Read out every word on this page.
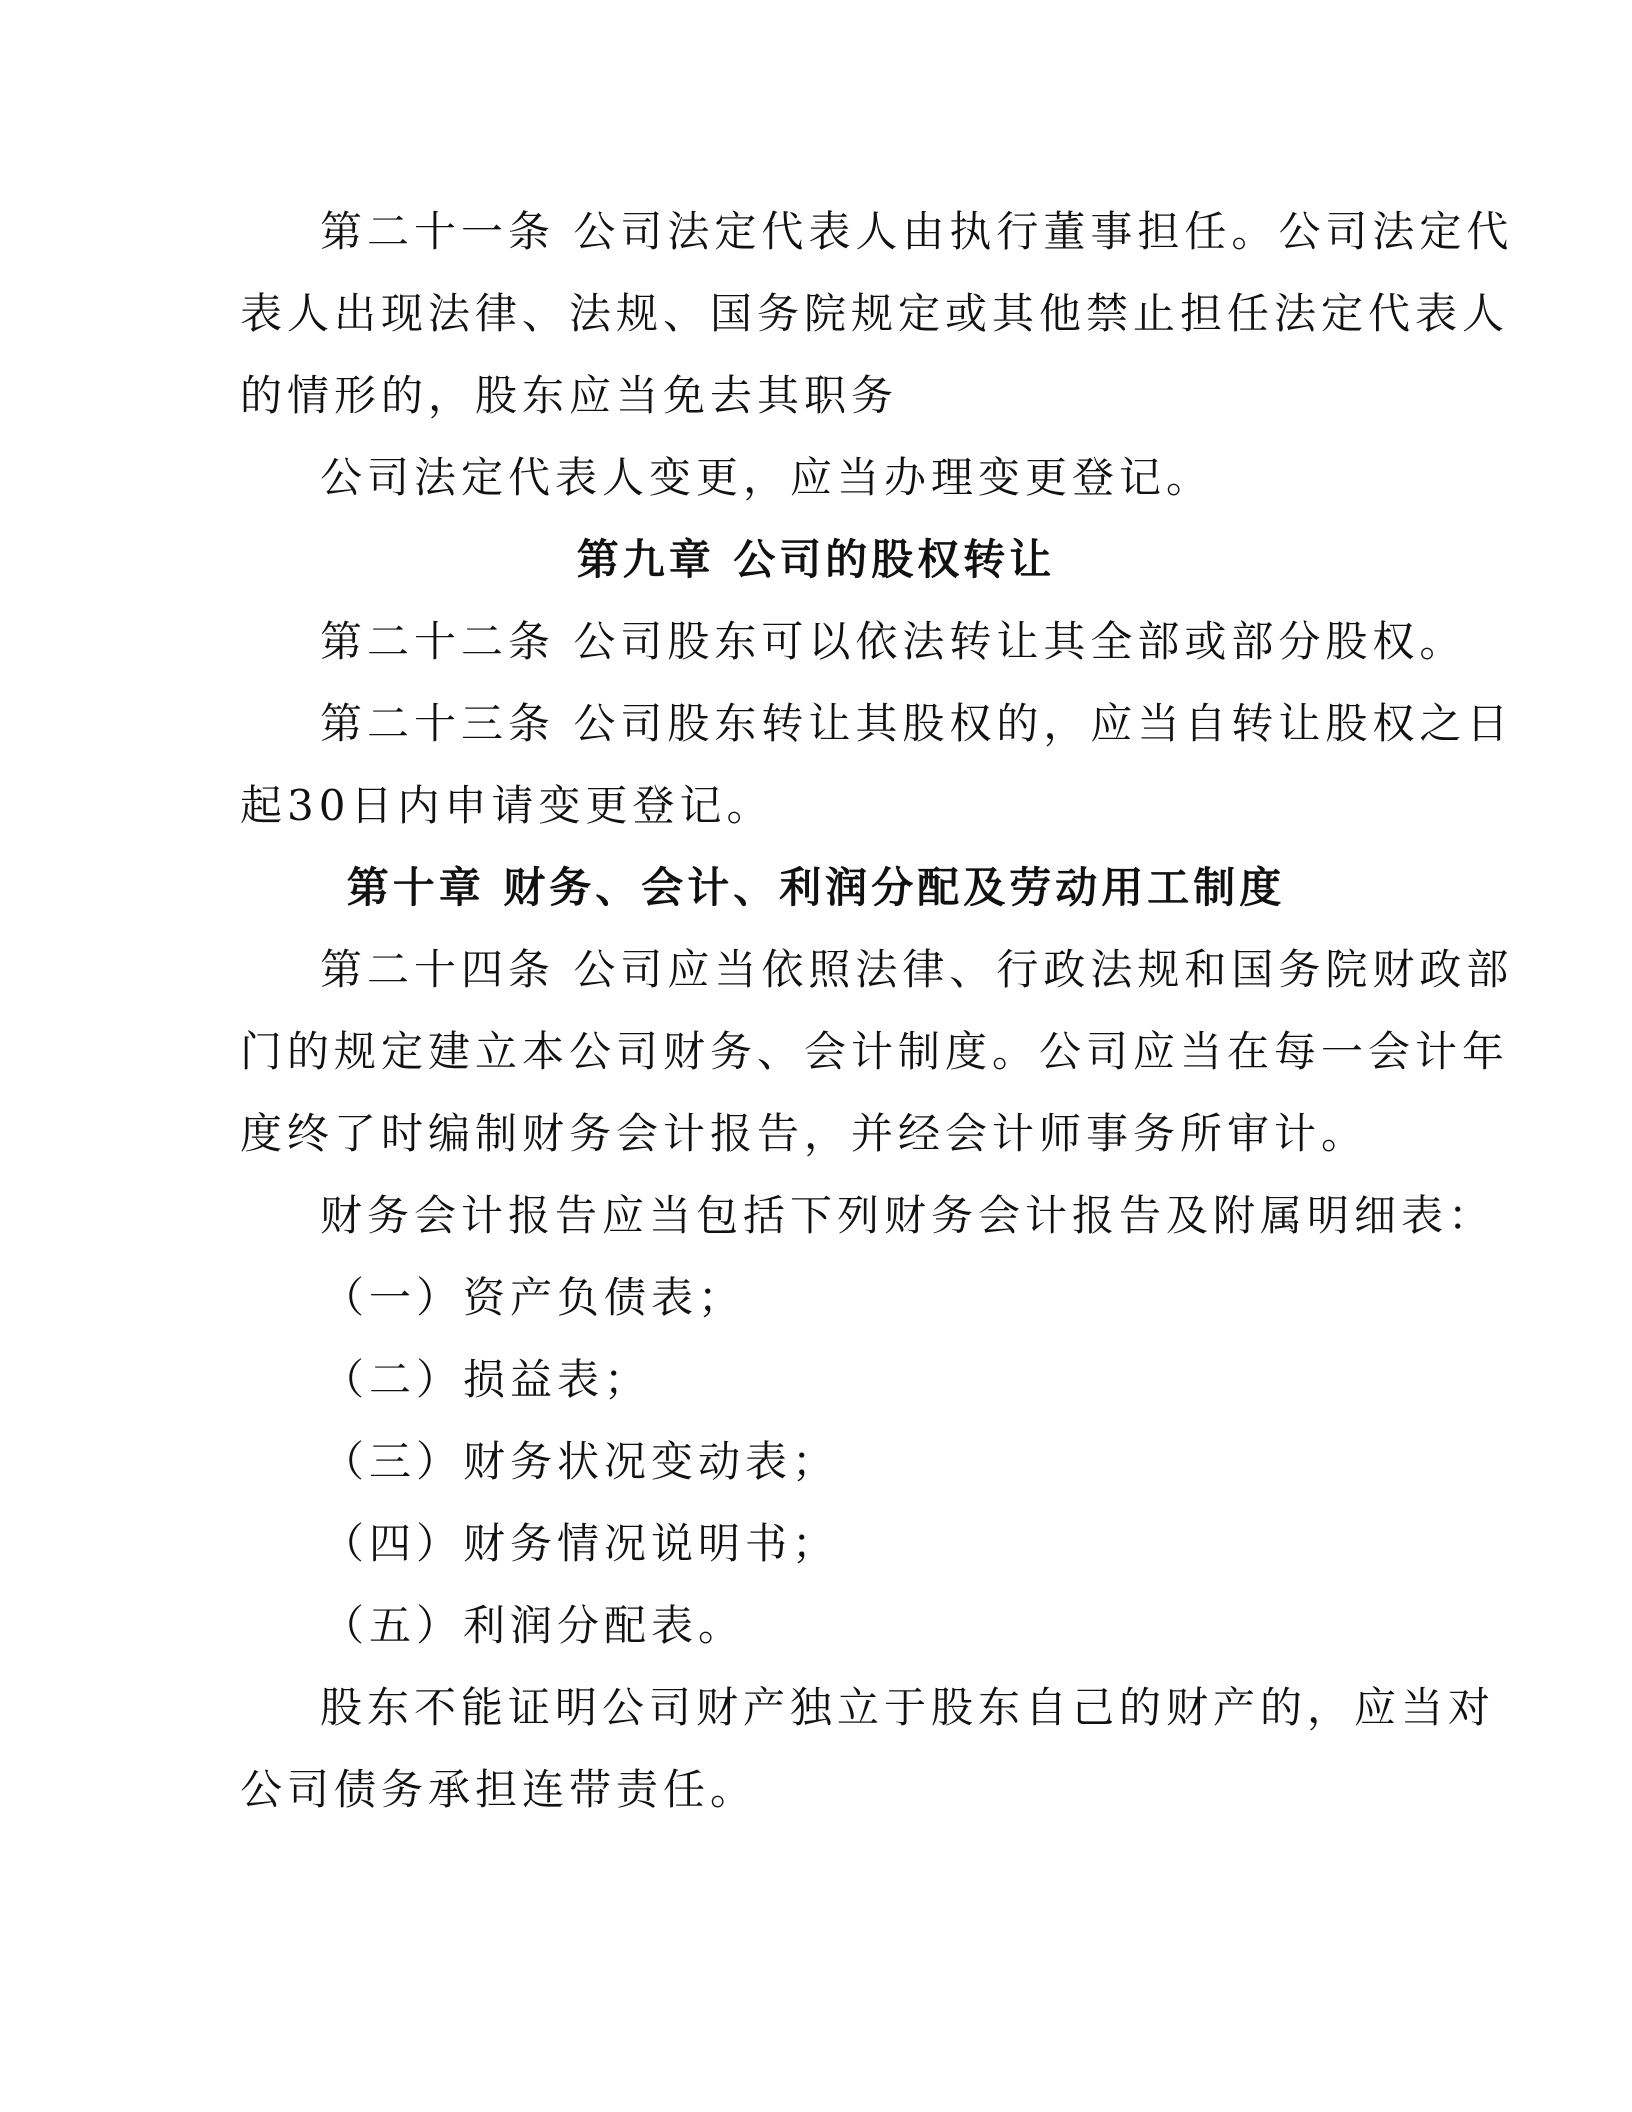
第二十一条 公司法定代表人由执行董事担任。公司法定代
表人出现法律、法规、国务院规定或其他禁止担任法定代表人
的情形的，股东应当免去其职务
公司法定代表人变更，应当办理变更登记。
第九章 公司的股权转让
第二十二条 公司股东可以依法转让其全部或部分股权。
第二十三条 公司股东转让其股权的，应当自转让股权之日
起30日内申请变更登记。
第十章 财务、会计、利润分配及劳动用工制度
第二十四条 公司应当依照法律、行政法规和国务院财政部
门的规定建立本公司财务、会计制度。公司应当在每一会计年
度终了时编制财务会计报告，并经会计师事务所审计。
财务会计报告应当包括下列财务会计报告及附属明细表：
（一）资产负债表；
（二）损益表；
（三）财务状况变动表；
（四）财务情况说明书；
（五）利润分配表。
股东不能证明公司财产独立于股东自己的财产的，应当对
公司债务承担连带责任。
